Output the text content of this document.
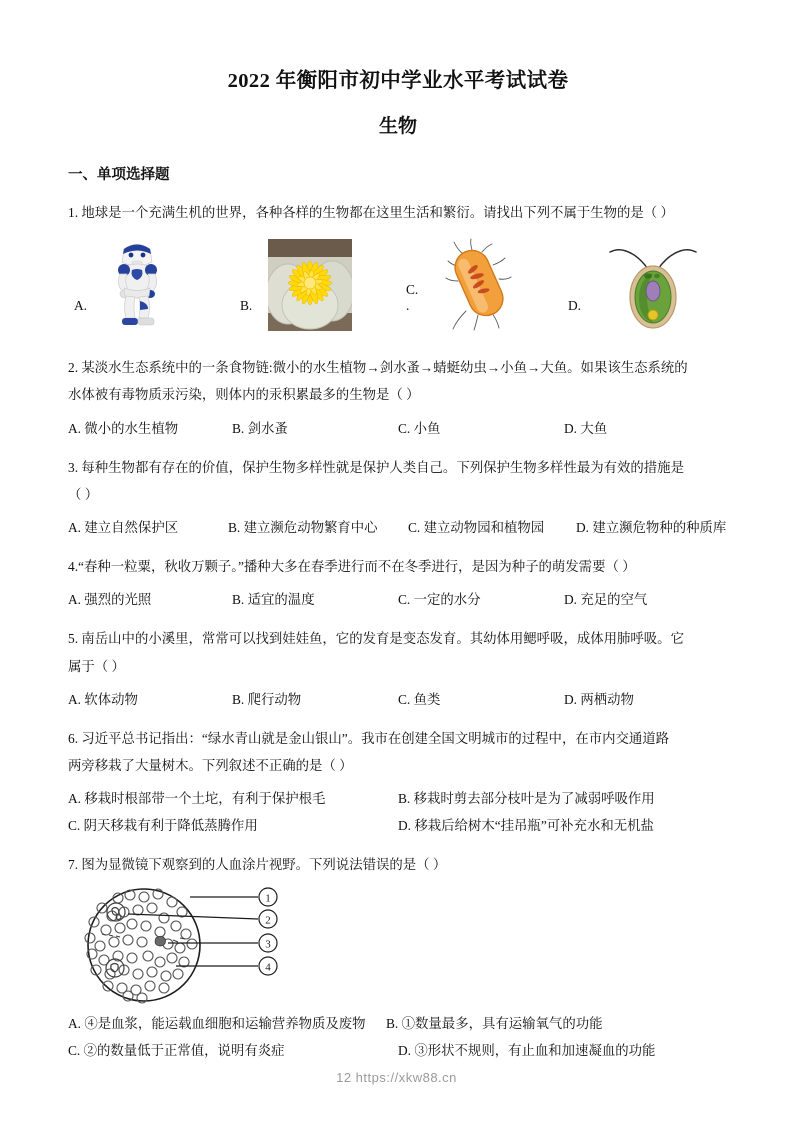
2022 年衡阳市初中学业水平考试试卷
生物
一、单项选择题
1. 地球是一个充满生机的世界，各种各样的生物都在这里生活和繁衍。请找出下列不属于生物的是（ ）
A.	B.
C. .	D.
2. 某淡水生态系统中的一条食物链:微小的水生植物→剑水蚤→蜻蜓幼虫→小鱼→大鱼。如果该生态系统的
水体被有毒物质汞污染，则体内的汞积累最多的生物是（ ）
A. 微小的水生植物	B. 剑水蚤	C. 小鱼	D. 大鱼
3. 每种生物都有存在的价值，保护生物多样性就是保护人类自己。下列保护生物多样性最为有效的措施是
（ ）
A. 建立自然保护区	B. 建立濒危动物繁育中心 C. 建立动物园和植物园 D. 建立濒危物种的种质库
4.“春种一粒粟，秋收万颗子。”播种大多在春季进行而不在冬季进行，是因为种子的萌发需要（ ）
A. 强烈的光照	B. 适宜的温度	C. 一定的水分	D. 充足的空气
5. 南岳山中的小溪里，常常可以找到娃娃鱼，它的发育是变态发育。其幼体用鳃呼吸，成体用肺呼吸。它
属于（ ）
A. 软体动物	B. 爬行动物	C. 鱼类	D. 两栖动物
6. 习近平总书记指出：“绿水青山就是金山银山”。我市在创建全国文明城市的过程中，在市内交通道路
两旁移栽了大量树木。下列叙述不正确的是（ ）
A. 移栽时根部带一个土坨，有利于保护根毛	B. 移栽时剪去部分枝叶是为了减弱呼吸作用
C. 阴天移栽有利于降低蒸腾作用	D. 移栽后给树木“挂吊瓶”可补充水和无机盐
7. 图为显微镜下观察到的人血涂片视野。下列说法错误的是（ ）
1
2
3
4
A. ④是血浆，能运载血细胞和运输营养物质及废物 B. ①数量最多，具有运输氧气的功能
C. ②的数量低于正常值，说明有炎症	D. ③形状不规则，有止血和加速凝血的功能
12 https://xkw88.cn
